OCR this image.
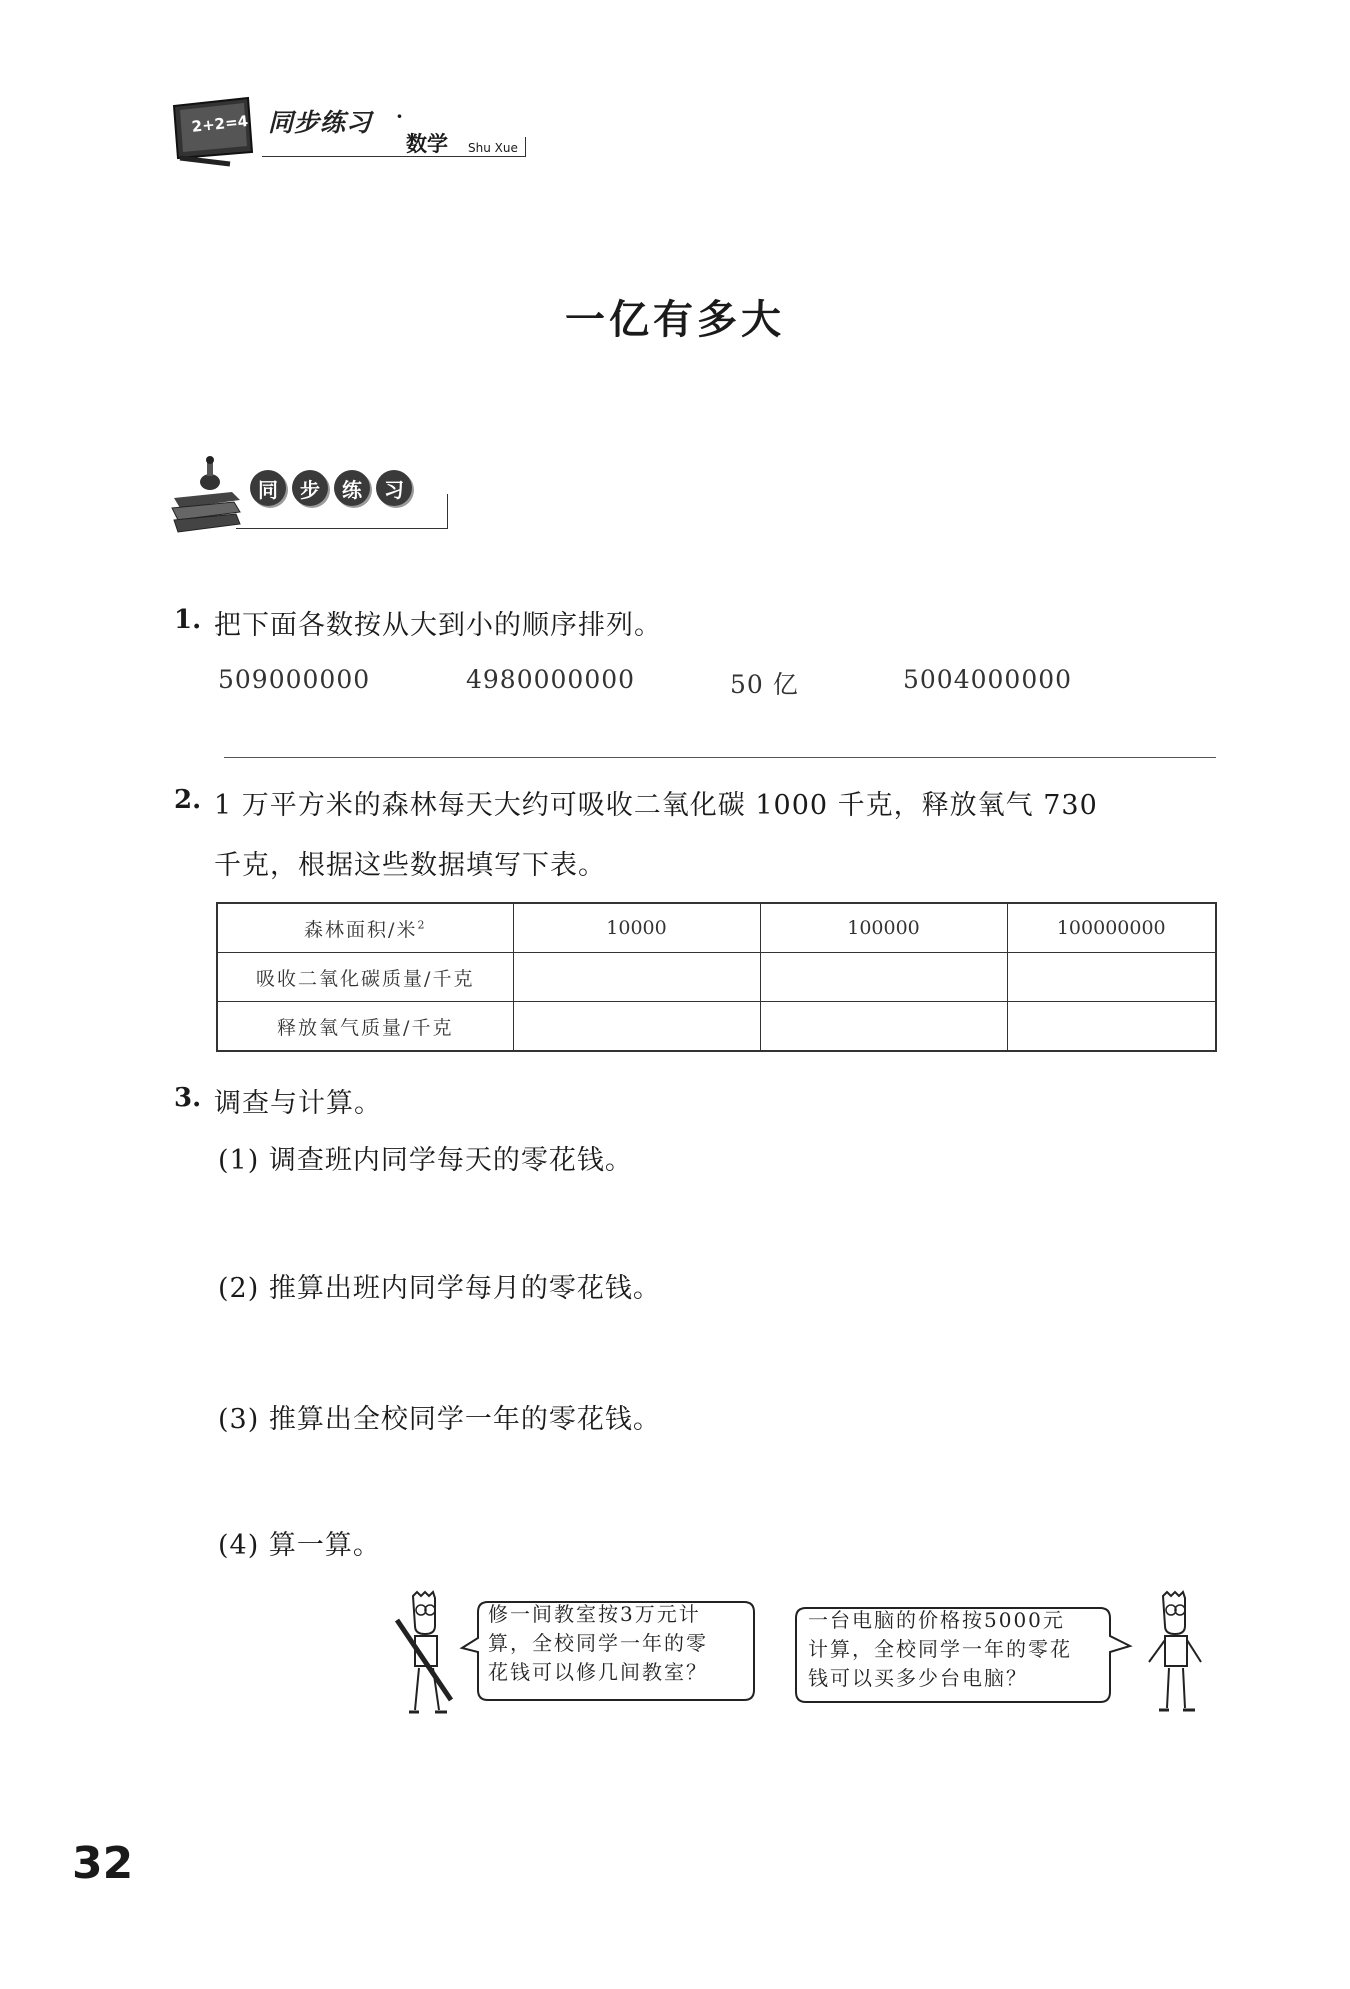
2+2=4 同步练习 ·
数学 Shu Xue
一亿有多大
同	步	练	习
1. 把下面各数按从大到小的顺序排列。
509000000	4980000000	50 亿	5004000000
2. 1 万平方米的森林每天大约可吸收二氧化碳 1000 千克，释放氧气 730
千克，根据这些数据填写下表。
森林面积/米$^2$	10000	100000	100000000
吸收二氧化碳质量/千克			
释放氧气质量/千克			
3. 调查与计算。
(1) 调查班内同学每天的零花钱。
(2) 推算出班内同学每月的零花钱。
(3) 推算出全校同学一年的零花钱。
(4) 算一算。
修一间教室按3万元计
算，全校同学一年的零
花钱可以修几间教室？
一台电脑的价格按5000元
计算，全校同学一年的零花
钱可以买多少台电脑？
32
